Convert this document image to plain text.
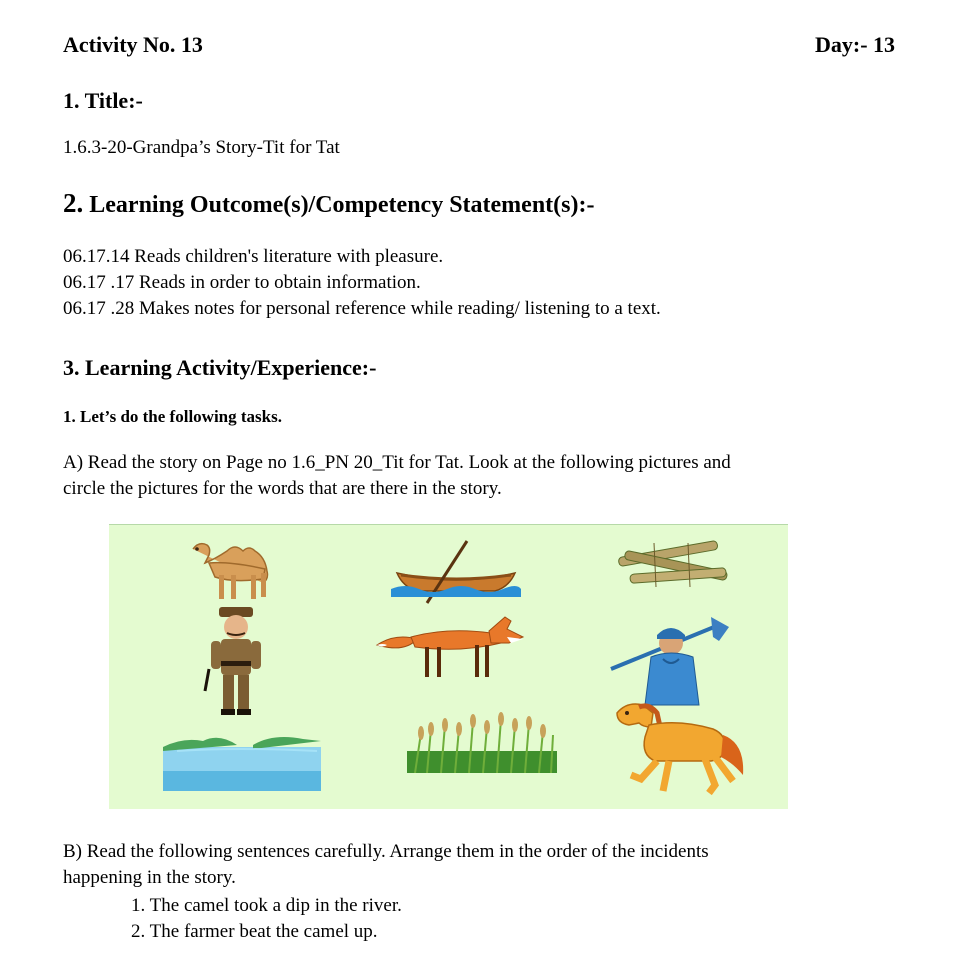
Activity No. 13	Day:- 13
1. Title:-
1.6.3-20-Grandpa’s Story-Tit for Tat
2. Learning Outcome(s)/Competency Statement(s):-
06.17.14 Reads children's literature with pleasure.
06.17 .17 Reads in order to obtain information.
06.17 .28 Makes notes for personal reference while reading/ listening to a text.
3. Learning Activity/Experience:-
1. Let’s do the following tasks.
A) Read the story on Page no 1.6_PN 20_Tit for Tat. Look at the following pictures and
circle the pictures for the words that are there in the story.
B) Read the following sentences carefully. Arrange them in the order of the incidents
happening in the story.
1. The camel took a dip in the river.
2. The farmer beat the camel up.
